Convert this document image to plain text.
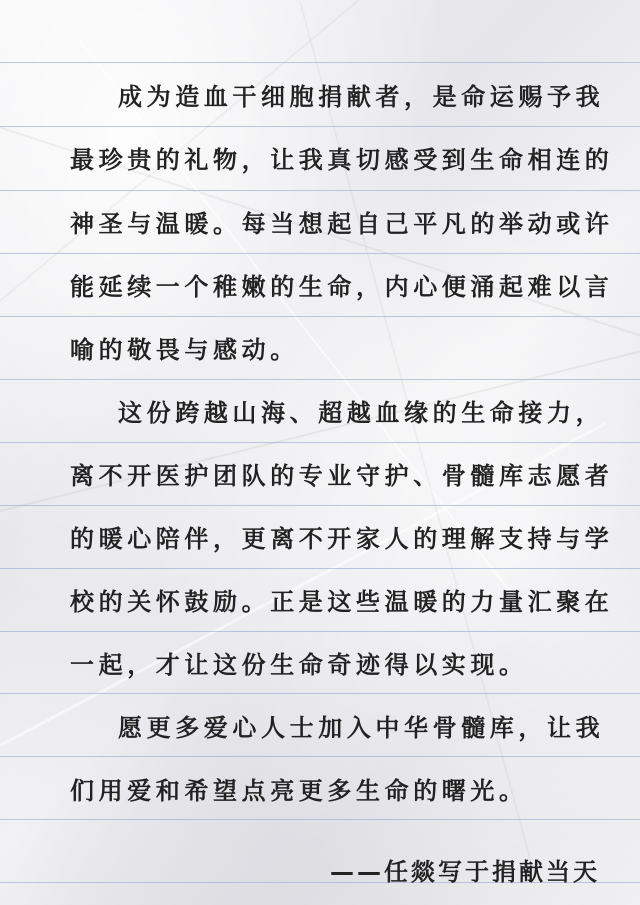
成为造血干细胞捐献者，是命运赐予我
最珍贵的礼物，让我真切感受到生命相连的
神圣与温暖。每当想起自己平凡的举动或许
能延续一个稚嫩的生命，内心便涌起难以言
喻的敬畏与感动。
这份跨越山海、超越血缘的生命接力，
离不开医护团队的专业守护、骨髓库志愿者
的暖心陪伴，更离不开家人的理解支持与学
校的关怀鼓励。正是这些温暖的力量汇聚在
一起，才让这份生命奇迹得以实现。
愿更多爱心人士加入中华骨髓库，让我
们用爱和希望点亮更多生命的曙光。
——任燚写于捐献当天
